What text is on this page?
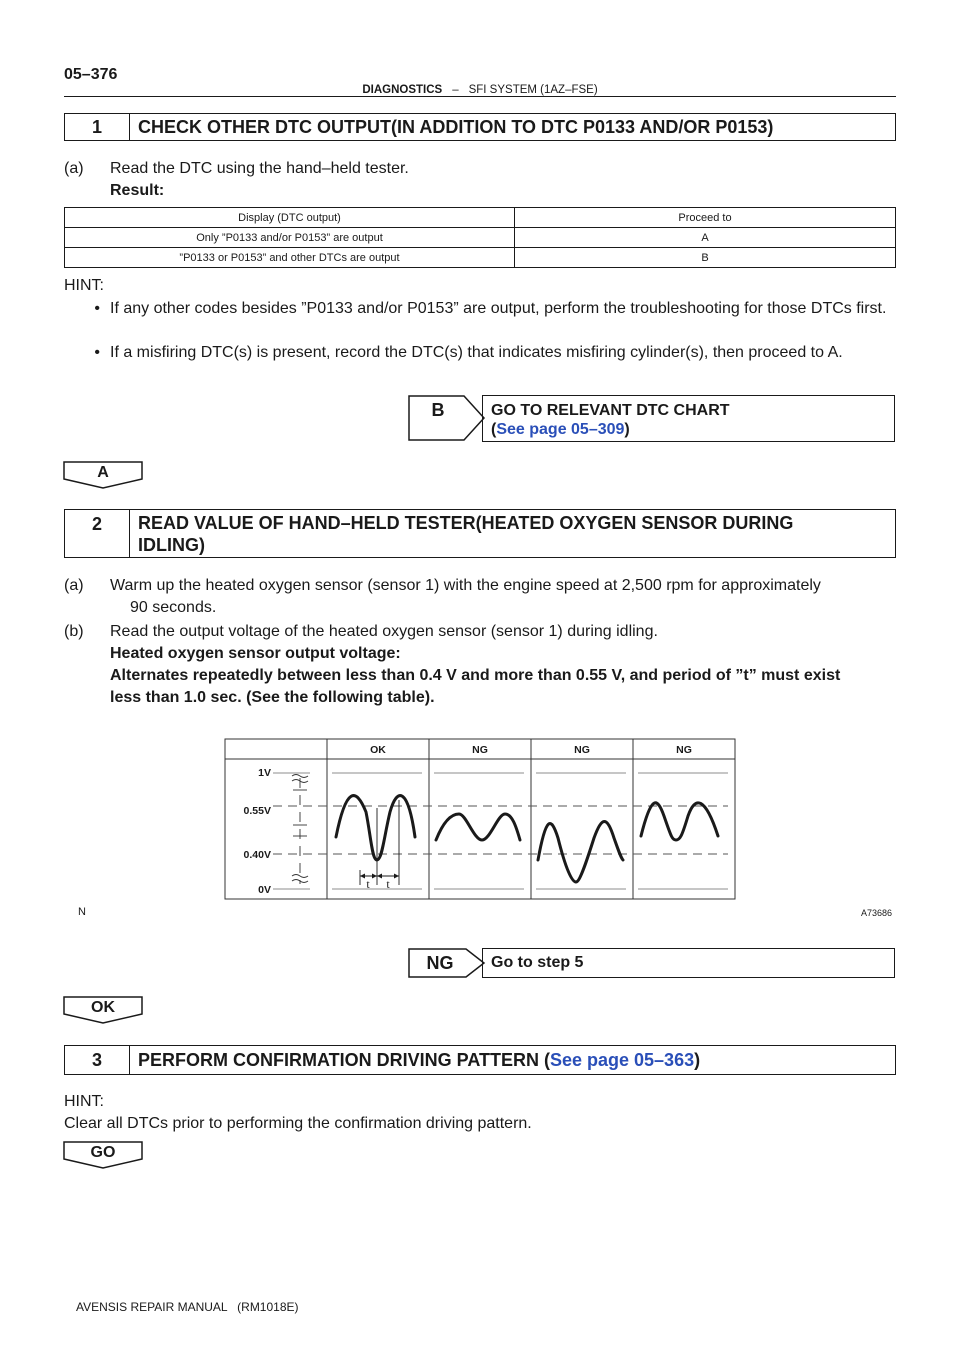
05–376
DIAGNOSTICS – SFI SYSTEM (1AZ–FSE)
1	CHECK OTHER DTC OUTPUT(IN ADDITION TO DTC P0133 AND/OR P0153)
(a) Read the DTC using the hand–held tester.
Result:
Display (DTC output)	Proceed to
Only ”P0133 and/or P0153” are output	A
”P0133 or P0153” and other DTCs are output	B
HINT:
• If any other codes besides ”P0133 and/or P0153” are output, perform the troubleshooting for those DTCs first.
• If a misfiring DTC(s) is present, record the DTC(s) that indicates misfiring cylinder(s), then proceed to A.
B	GO TO RELEVANT DTC CHART
(See page 05–309)
A
2	READ VALUE OF HAND–HELD TESTER(HEATED OXYGEN SENSOR DURING
IDLING)
(a) Warm up the heated oxygen sensor (sensor 1) with the engine speed at 2,500 rpm for approximately
90 seconds.
(b) Read the output voltage of the heated oxygen sensor (sensor 1) during idling.
Heated oxygen sensor output voltage:
Alternates repeatedly between less than 0.4 V and more than 0.55 V, and period of ”t” must exist
less than 1.0 sec. (See the following table).
1V
0.55V
0.40V
0V
OK	NG	NG	NG
t t
N	A73686
NG	Go to step 5
OK
3	PERFORM CONFIRMATION DRIVING PATTERN (See page 05–363)
HINT:
Clear all DTCs prior to performing the confirmation driving pattern.
GO
AVENSIS REPAIR MANUAL   (RM1018E)
